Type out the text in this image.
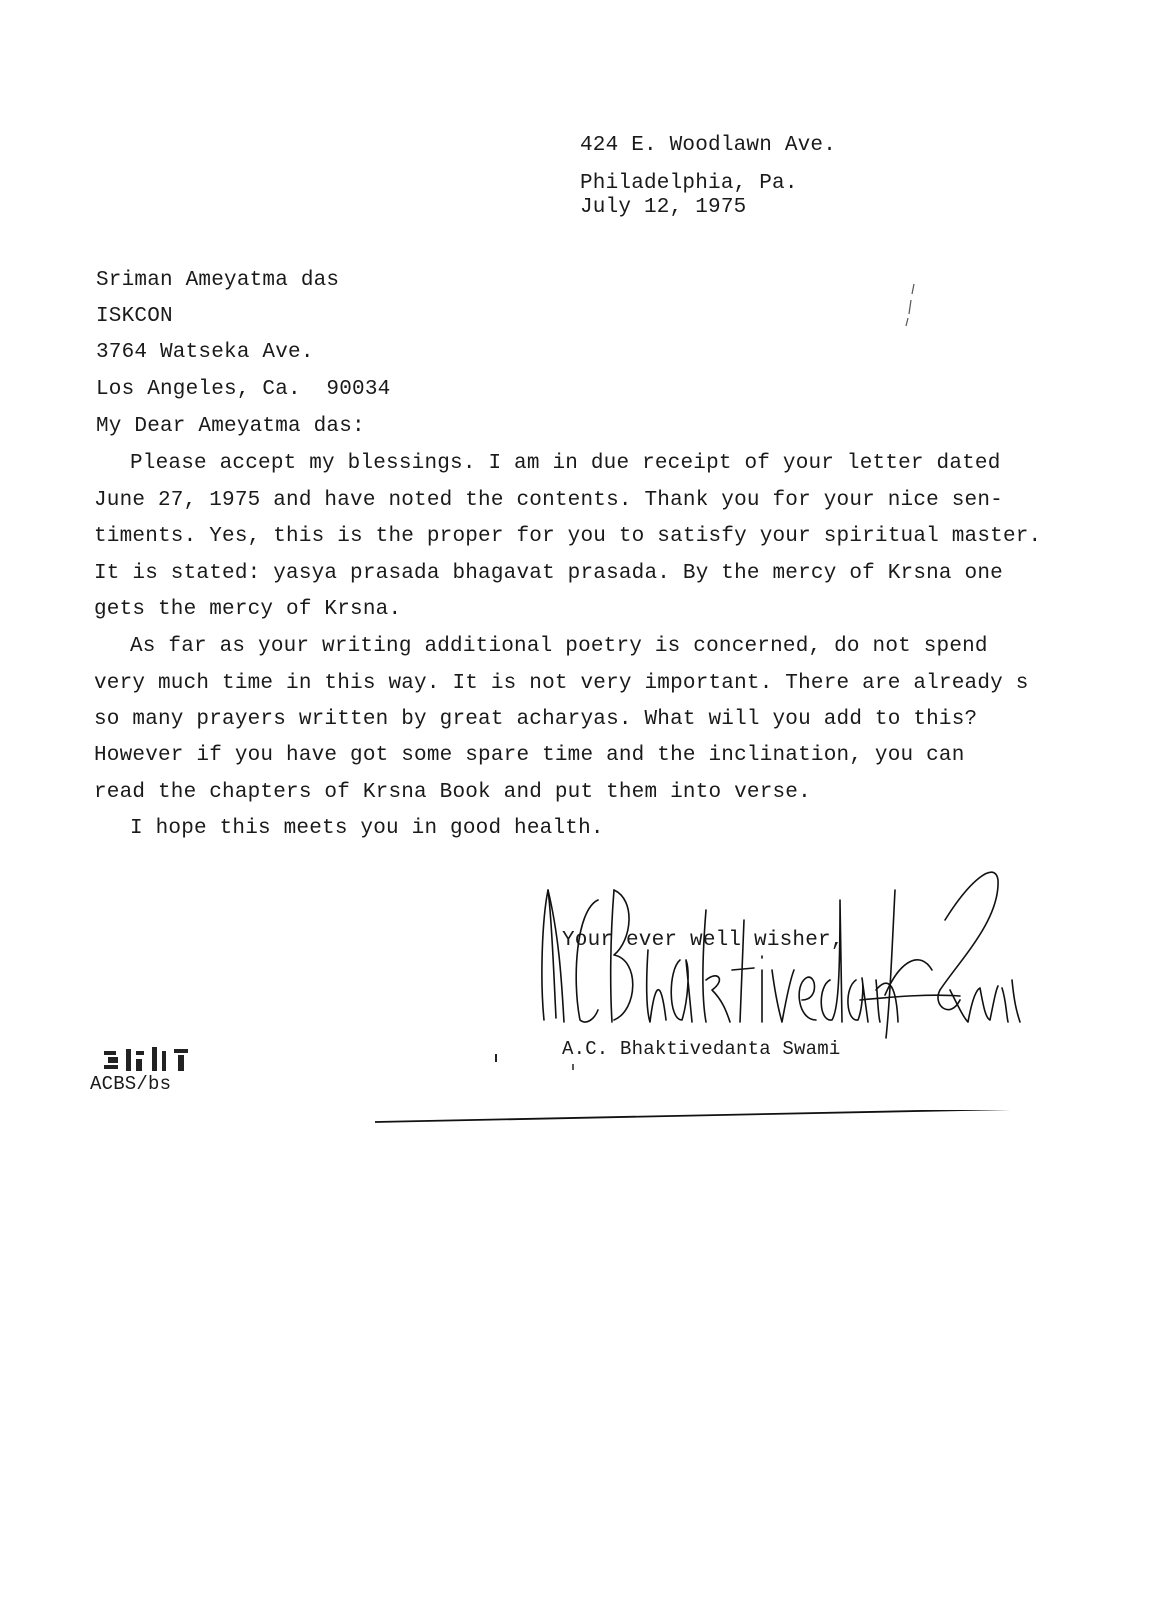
424 E. Woodlawn Ave.
Philadelphia, Pa.
July 12, 1975
Sriman Ameyatma das
ISKCON
3764 Watseka Ave.
Los Angeles, Ca.  90034
My Dear Ameyatma das:
Please accept my blessings. I am in due receipt of your letter dated
June 27, 1975 and have noted the contents. Thank you for your nice sen-
timents. Yes, this is the proper for you to satisfy your spiritual master.
It is stated: yasya prasada bhagavat prasada. By the mercy of Krsna one
gets the mercy of Krsna.
As far as your writing additional poetry is concerned, do not spend
very much time in this way. It is not very important. There are already s
so many prayers written by great acharyas. What will you add to this?
However if you have got some spare time and the inclination, you can
read the chapters of Krsna Book and put them into verse.
I hope this meets you in good health.
Your ever well wisher,
A.C. Bhaktivedanta Swami
ACBS/bs
